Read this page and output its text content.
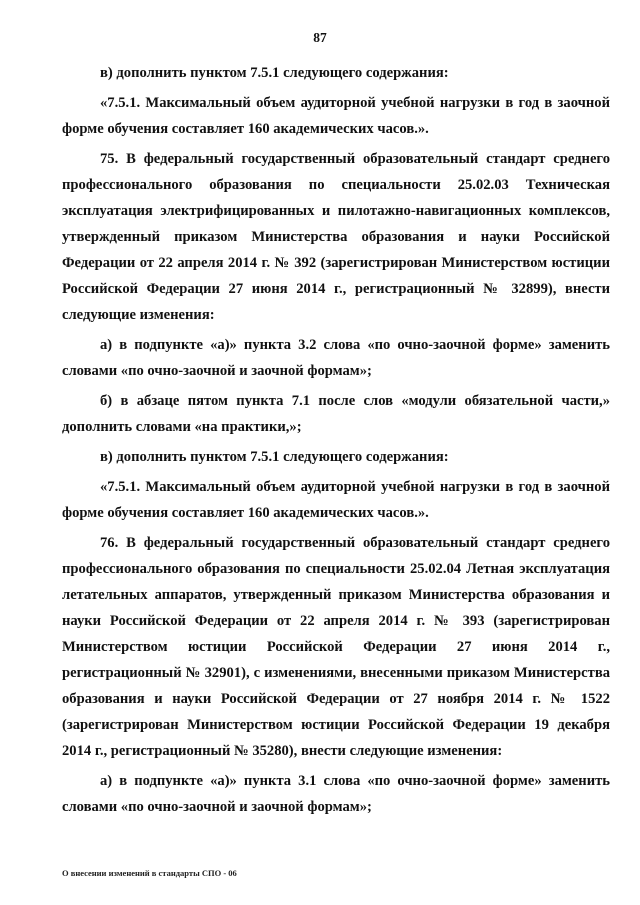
87

в) дополнить пунктом 7.5.1 следующего содержания:

«7.5.1. Максимальный объем аудиторной учебной нагрузки в год в заочной форме обучения составляет 160 академических часов.».

75. В федеральный государственный образовательный стандарт среднего профессионального образования по специальности 25.02.03 Техническая эксплуатация электрифицированных и пилотажно-навигационных комплексов, утвержденный приказом Министерства образования и науки Российской Федерации от 22 апреля 2014 г. № 392 (зарегистрирован Министерством юстиции Российской Федерации 27 июня 2014 г., регистрационный № 32899), внести следующие изменения:

а) в подпункте «а)» пункта 3.2 слова «по очно-заочной форме» заменить словами «по очно-заочной и заочной формам»;

б) в абзаце пятом пункта 7.1 после слов «модули обязательной части,» дополнить словами «на практики,»;

в) дополнить пунктом 7.5.1 следующего содержания:

«7.5.1. Максимальный объем аудиторной учебной нагрузки в год в заочной форме обучения составляет 160 академических часов.».

76. В федеральный государственный образовательный стандарт среднего профессионального образования по специальности 25.02.04 Летная эксплуатация летательных аппаратов, утвержденный приказом Министерства образования и науки Российской Федерации от 22 апреля 2014 г. № 393 (зарегистрирован Министерством юстиции Российской Федерации 27 июня 2014 г., регистрационный № 32901), с изменениями, внесенными приказом Министерства образования и науки Российской Федерации от 27 ноября 2014 г. № 1522 (зарегистрирован Министерством юстиции Российской Федерации 19 декабря 2014 г., регистрационный № 35280), внести следующие изменения:

а) в подпункте «а)» пункта 3.1 слова «по очно-заочной форме» заменить словами «по очно-заочной и заочной формам»;

О внесении изменений в стандарты СПО - 06
